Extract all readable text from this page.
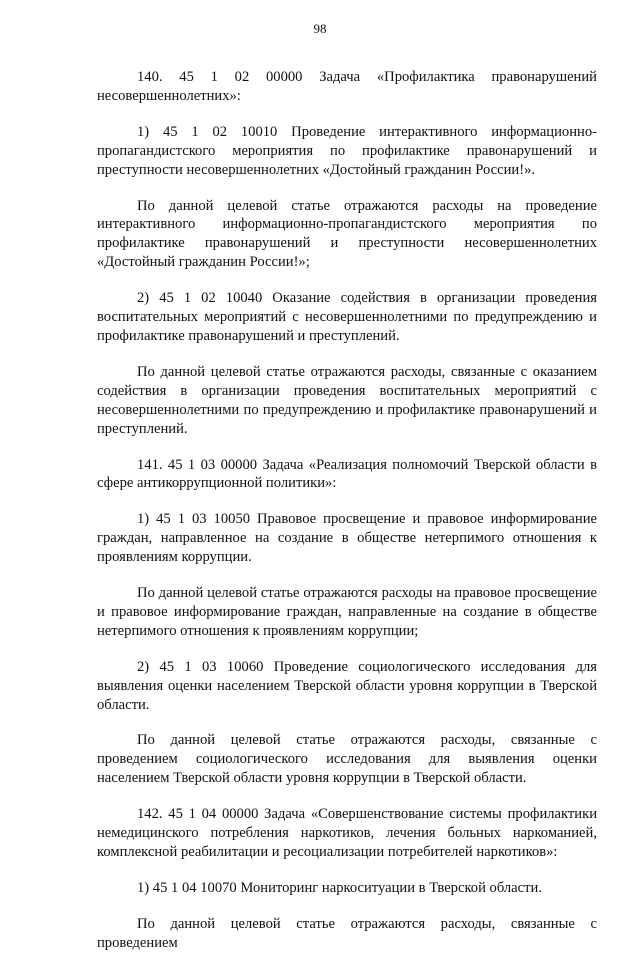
98

140. 45 1 02 00000 Задача «Профилактика правонарушений несовершеннолетних»:

1) 45 1 02 10010 Проведение интерактивного информационно-пропагандистского мероприятия по профилактике правонарушений и преступности несовершеннолетних «Достойный гражданин России!».

По данной целевой статье отражаются расходы на проведение интерактивного информационно-пропагандистского мероприятия по профилактике правонарушений и преступности несовершеннолетних «Достойный гражданин России!»;

2) 45 1 02 10040 Оказание содействия в организации проведения воспитательных мероприятий с несовершеннолетними по предупреждению и профилактике правонарушений и преступлений.

По данной целевой статье отражаются расходы, связанные с оказанием содействия в организации проведения воспитательных мероприятий с несовершеннолетними по предупреждению и профилактике правонарушений и преступлений.

141. 45 1 03 00000 Задача «Реализация полномочий Тверской области в сфере антикоррупционной политики»:

1) 45 1 03 10050 Правовое просвещение и правовое информирование граждан, направленное на создание в обществе нетерпимого отношения к проявлениям коррупции.

По данной целевой статье отражаются расходы на правовое просвещение и правовое информирование граждан, направленные на создание в обществе нетерпимого отношения к проявлениям коррупции;

2) 45 1 03 10060 Проведение социологического исследования для выявления оценки населением Тверской области уровня коррупции в Тверской области.

По данной целевой статье отражаются расходы, связанные с проведением социологического исследования для выявления оценки населением Тверской области уровня коррупции в Тверской области.

142. 45 1 04 00000 Задача «Совершенствование системы профилактики немедицинского потребления наркотиков, лечения больных наркоманией, комплексной реабилитации и ресоциализации потребителей наркотиков»:

1) 45 1 04 10070 Мониторинг наркоситуации в Тверской области.

По данной целевой статье отражаются расходы, связанные с проведением
